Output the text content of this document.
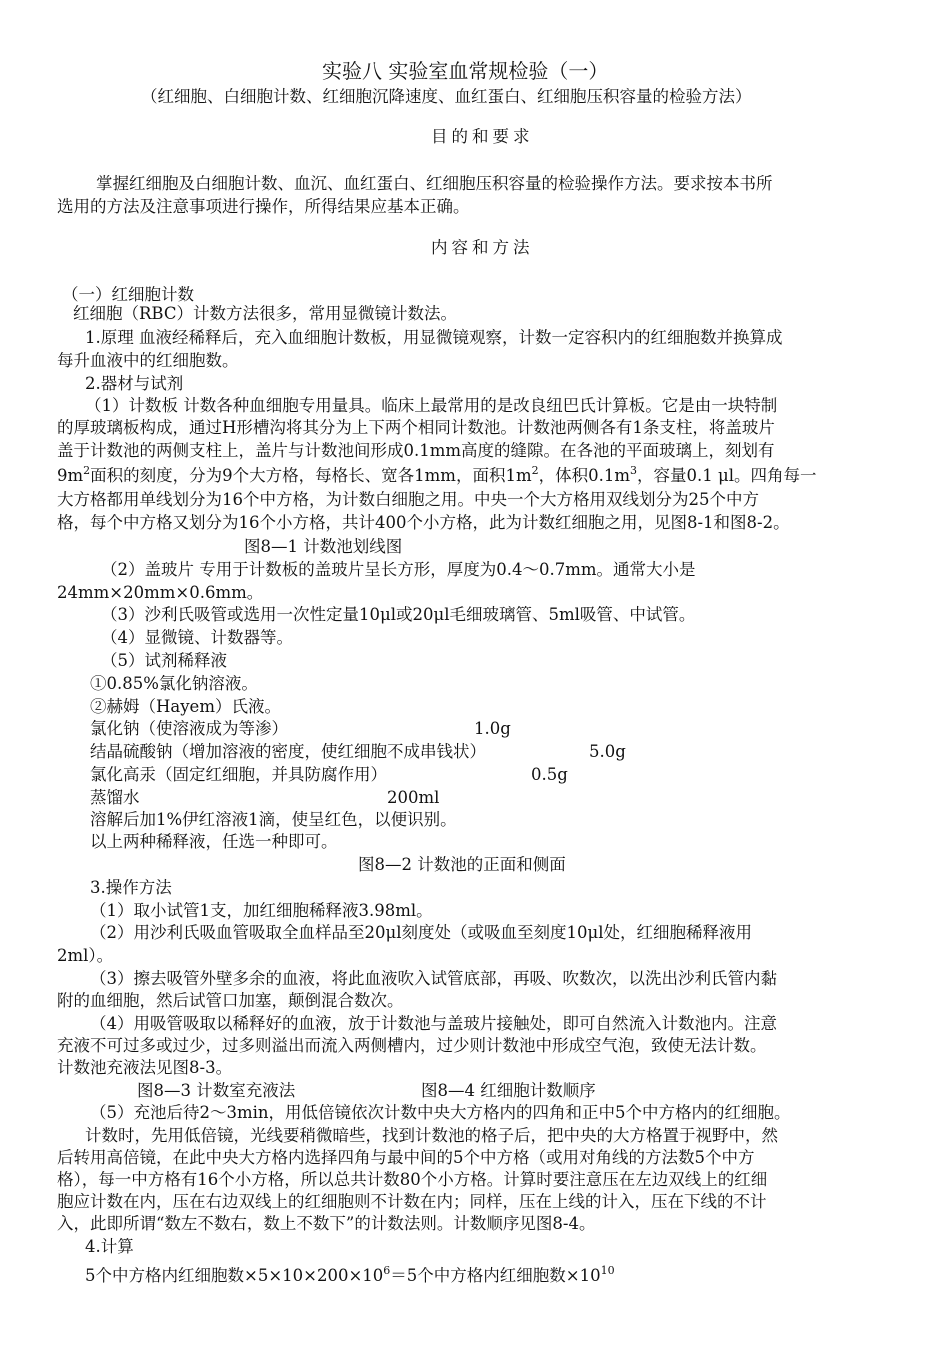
实验八 实验室血常规检验（一）
（红细胞、白细胞计数、红细胞沉降速度、血红蛋白、红细胞压积容量的检验方法）
目的和要求
掌握红细胞及白细胞计数、血沉、血红蛋白、红细胞压积容量的检验操作方法。要求按本书所
选用的方法及注意事项进行操作，所得结果应基本正确。
内容和方法
（一）红细胞计数
红细胞（RBC）计数方法很多，常用显微镜计数法。
1.原理 血液经稀释后，充入血细胞计数板，用显微镜观察，计数一定容积内的红细胞数并换算成
每升血液中的红细胞数。
2.器材与试剂
（1）计数板 计数各种血细胞专用量具。临床上最常用的是改良纽巴氏计算板。它是由一块特制
的厚玻璃板构成，通过H形槽沟将其分为上下两个相同计数池。计数池两侧各有1条支柱，将盖玻片
盖于计数池的两侧支柱上，盖片与计数池间形成0.1mm高度的缝隙。在各池的平面玻璃上，刻划有
$9m^2$面积的刻度，分为9个大方格，每格长、宽各1mm，面积$1m^2$，体积$0.1m^3$，容量0.1 μl。四角每一
大方格都用单线划分为16个中方格，为计数白细胞之用。中央一个大方格用双线划分为25个中方
格，每个中方格又划分为16个小方格，共计400个小方格，此为计数红细胞之用，见图8-1和图8-2。
图8—1 计数池划线图
（2）盖玻片 专用于计数板的盖玻片呈长方形，厚度为0.4～0.7mm。通常大小是
24mm×20mm×0.6mm。
（3）沙利氏吸管或选用一次性定量10μl或20μl毛细玻璃管、5ml吸管、中试管。
（4）显微镜、计数器等。
（5）试剂稀释液
①0.85%氯化钠溶液。
②赫姆（Hayem）氏液。
氯化钠（使溶液成为等渗）	1.0g
结晶硫酸钠（增加溶液的密度，使红细胞不成串钱状）	5.0g
氯化高汞（固定红细胞，并具防腐作用）	0.5g
蒸馏水	200ml
溶解后加1%伊红溶液1滴，使呈红色，以便识别。
以上两种稀释液，任选一种即可。
图8—2 计数池的正面和侧面
3.操作方法
（1）取小试管1支，加红细胞稀释液3.98ml。
（2）用沙利氏吸血管吸取全血样品至20μl刻度处（或吸血至刻度10μl处，红细胞稀释液用
2ml）。
（3）擦去吸管外壁多余的血液，将此血液吹入试管底部，再吸、吹数次，以洗出沙利氏管内黏
附的血细胞，然后试管口加塞，颠倒混合数次。
（4）用吸管吸取以稀释好的血液，放于计数池与盖玻片接触处，即可自然流入计数池内。注意
充液不可过多或过少，过多则溢出而流入两侧槽内，过少则计数池中形成空气泡，致使无法计数。
计数池充液法见图8-3。
图8—3 计数室充液法	图8—4 红细胞计数顺序
（5）充池后待2～3min，用低倍镜依次计数中央大方格内的四角和正中5个中方格内的红细胞。
计数时，先用低倍镜，光线要稍微暗些，找到计数池的格子后，把中央的大方格置于视野中，然
后转用高倍镜，在此中央大方格内选择四角与最中间的5个中方格（或用对角线的方法数5个中方
格），每一中方格有16个小方格，所以总共计数80个小方格。计算时要注意压在左边双线上的红细
胞应计数在内，压在右边双线上的红细胞则不计数在内；同样，压在上线的计入，压在下线的不计
入，此即所谓“数左不数右，数上不数下”的计数法则。计数顺序见图8-4。
4.计算
5个中方格内红细胞数$\times 5\times 10\times 200\times 10^6=5$个中方格内红细胞数$\times 10^{10}$
